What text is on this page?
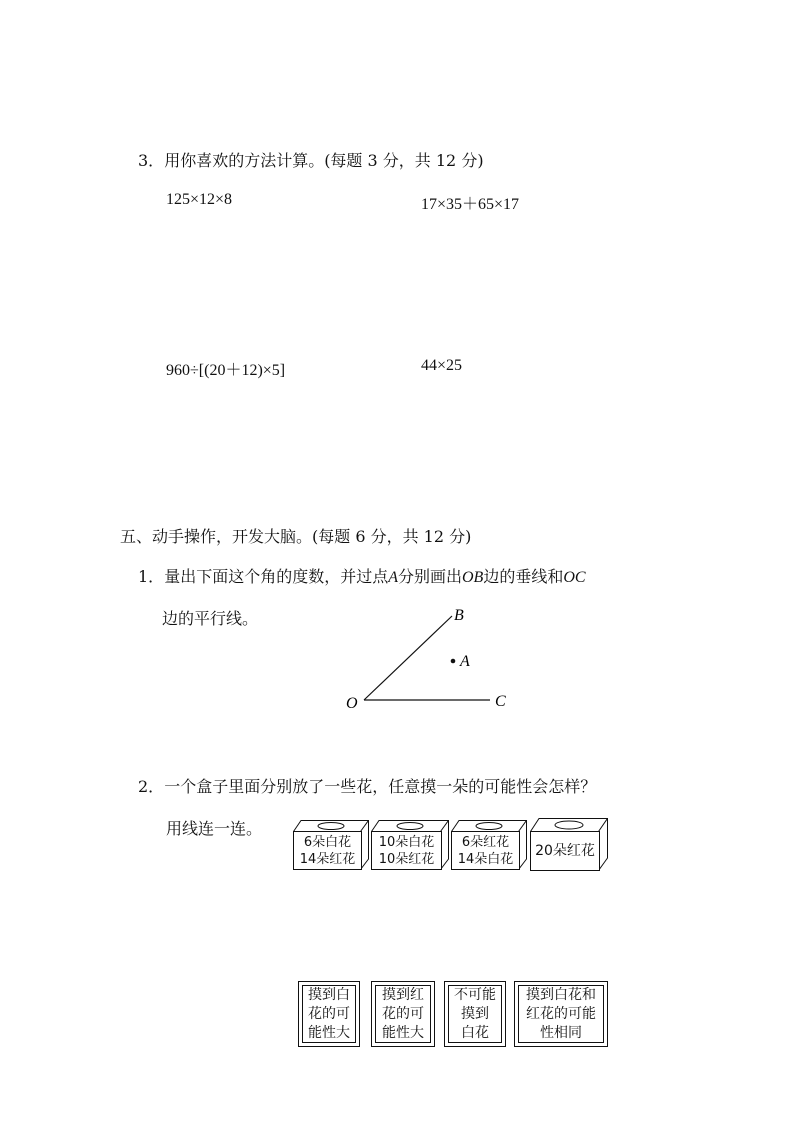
3．用你喜欢的方法计算。(每题 3 分，共 12 分)
125×12×8	17×35＋65×17
960÷[(20＋12)×5]	44×25
五、动手操作，开发大脑。(每题 6 分，共 12 分)
1．量出下面这个角的度数，并过点A分别画出OB边的垂线和OC
边的平行线。	B
A
O	C
2．一个盒子里面分别放了一些花，任意摸一朵的可能性会怎样？
用线连一连。
6朵白花
14朵红花
10朵白花
10朵红花
6朵红花
14朵白花
20朵红花
摸到白
花的可
能性大
摸到红
花的可
能性大
不可能
摸到
白花
摸到白花和
红花的可能
性相同
